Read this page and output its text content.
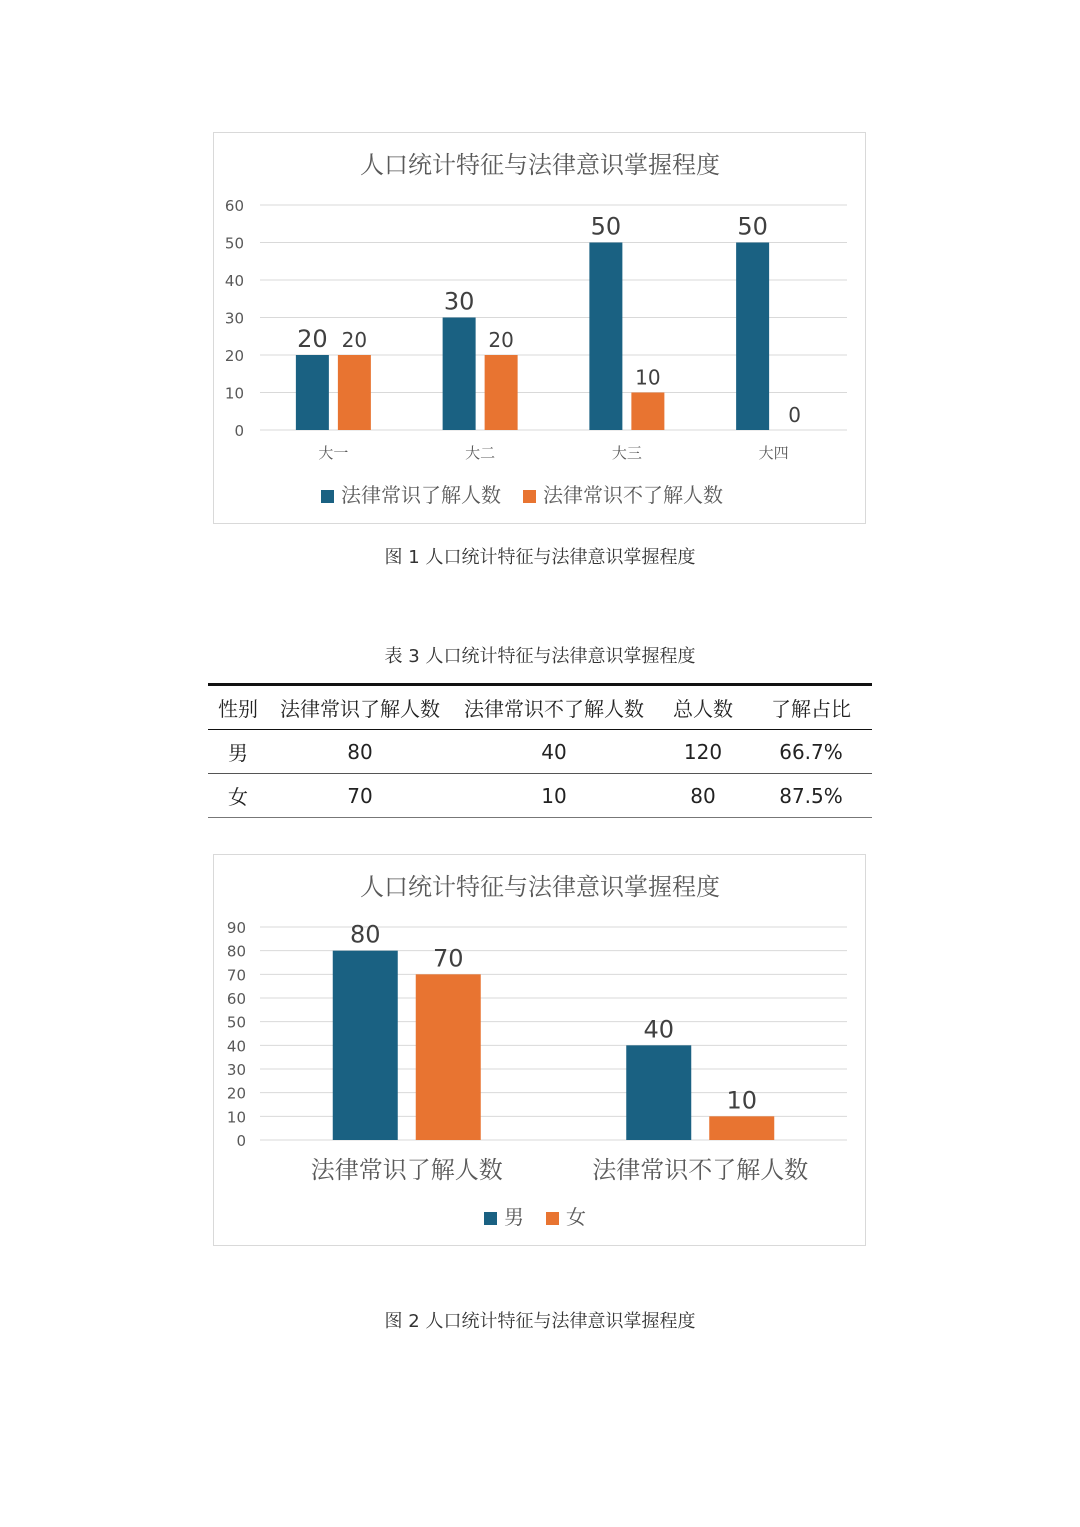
人口统计特征与法律意识掌握程度
0
10
20
30
40
50
60
大一
20 20
大二
30
20
大三
50
10
大四
50
0
法律常识了解人数 法律常识不了解人数
图 1 人口统计特征与法律意识掌握程度
表 3 人口统计特征与法律意识掌握程度
性别	法律常识了解人数	法律常识不了解人数	总人数	了解占比
男	80	40	120	66.7%
女	70	10	80	87.5%
人口统计特征与法律意识掌握程度
0
10
20
30
40
50
60
70
80
90
法律常识了解人数
80
70
法律常识不了解人数
40
10
男 女
图 2 人口统计特征与法律意识掌握程度
